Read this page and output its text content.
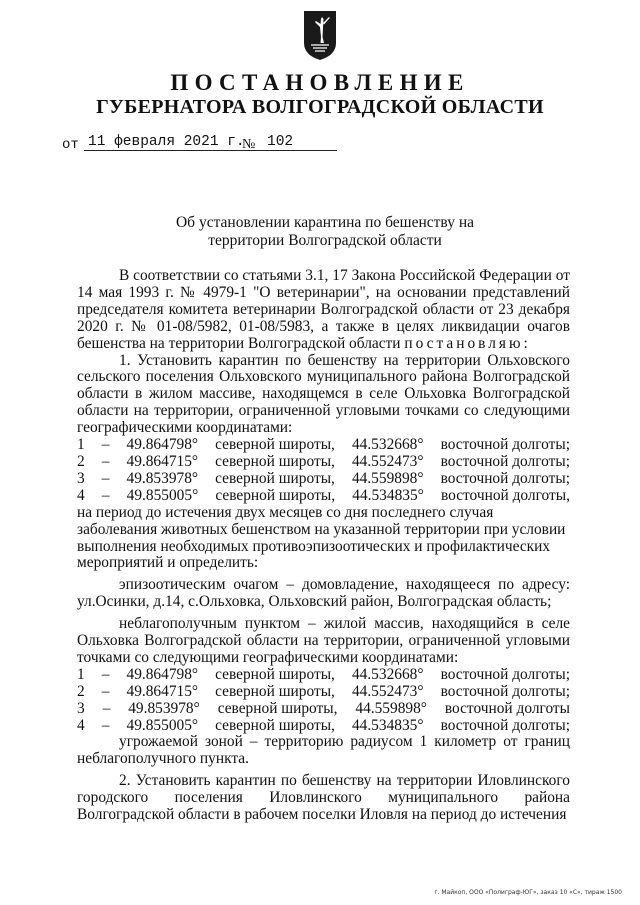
ПОСТАНОВЛЕНИЕ
ГУБЕРНАТОРА ВОЛГОГРАДСКОЙ ОБЛАСТИ
от 11 февраля 2021 г.
№ 102
Об установлении карантина по бешенству на территории Волгоградской области

В соответствии со статьями 3.1, 17 Закона Российской Федерации от 14 мая 1993 г. № 4979-1 "О ветеринарии", на основании представлений председателя комитета ветеринарии Волгоградской области от 23 декабря 2020 г. № 01-08/5982, 01-08/5983, а также в целях ликвидации очагов бешенства на территории Волгоградской области постановляю:

1. Установить карантин по бешенству на территории Ольховского сельского поселения Ольховского муниципального района Волгоградской области в жилом массиве, находящемся в селе Ольховка Волгоградской области на территории, ограниченной угловыми точками со следующими географическими координатами:

1 – 49.864798° северной широты, 44.532668° восточной долготы;
2 – 49.864715° северной широты, 44.552473° восточной долготы;
3 – 49.853978° северной широты, 44.559898° восточной долготы;
4 – 49.855005° северной широты, 44.534835° восточной долготы,

на период до истечения двух месяцев со дня последнего случая заболевания животных бешенством на указанной территории при условии выполнения необходимых противоэпизоотических и профилактических мероприятий и определить:

эпизоотическим очагом – домовладение, находящееся по адресу: ул.Осинки, д.14, с.Ольховка, Ольховский район, Волгоградская область;

неблагополучным пунктом – жилой массив, находящийся в селе Ольховка Волгоградской области на территории, ограниченной угловыми точками со следующими географическими координатами:

1 – 49.864798° северной широты, 44.532668° восточной долготы;
2 – 49.864715° северной широты, 44.552473° восточной долготы;
3 – 49.853978° северной широты, 44.559898° восточной долготы
4 – 49.855005° северной широты, 44.534835° восточной долготы;

угрожаемой зоной – территорию радиусом 1 километр от границ неблагополучного пункта.

2. Установить карантин по бешенству на территории Иловлинского городского поселения Иловлинского муниципального района Волгоградской области в рабочем поселки Иловля на период до истечения

г. Майкоп, ООО «Полиграф-ЮГ», заказ 10 «С», тираж 1500
